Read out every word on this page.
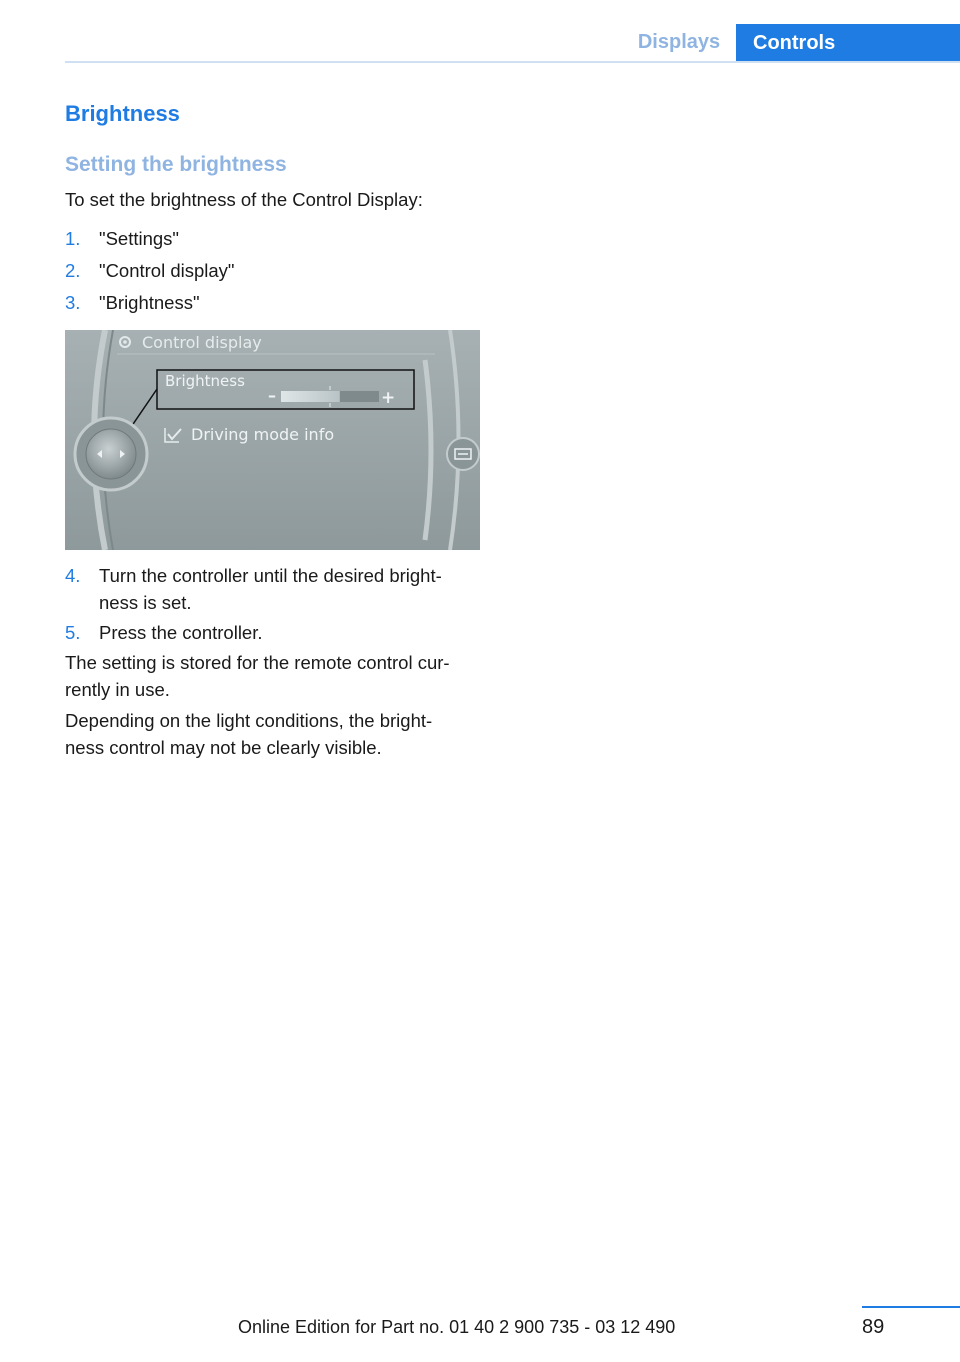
Displays	Controls
Brightness
Setting the brightness
To set the brightness of the Control Display:
1. "Settings"
2. "Control display"
3. "Brightness"
Control display
Brightness
–	+
Driving mode info
4. Turn the controller until the desired bright-
ness is set.
5. Press the controller.
The setting is stored for the remote control cur-
rently in use.
Depending on the light conditions, the bright-
ness control may not be clearly visible.
89
Online Edition for Part no. 01 40 2 900 735 - 03 12 490
